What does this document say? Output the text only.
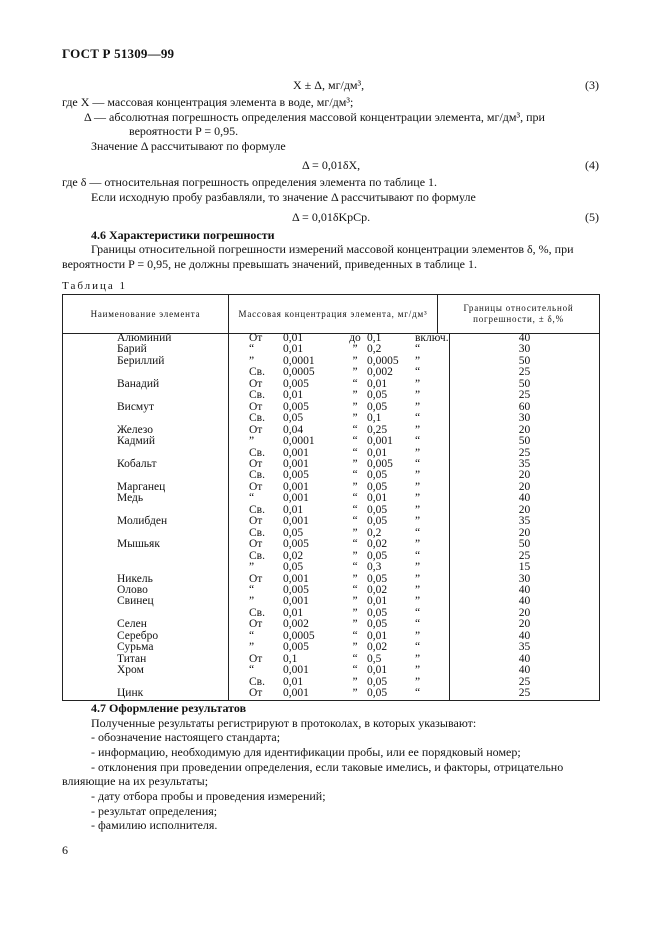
ГОСТ Р 51309—99
X ± Δ, мг/дм³,	(3)
где X — массовая концентрация элемента в воде, мг/дм³;
Δ — абсолютная погрешность определения массовой концентрации элемента, мг/дм³, при
вероятности P = 0,95.
Значение Δ рассчитывают по формуле
Δ = 0,01δX,	(4)
где δ — относительная погрешность определения элемента по таблице 1.
Если исходную пробу разбавляли, то значение Δ рассчитывают по формуле
Δ = 0,01δKрCр.	(5)
4.6 Характеристики погрешности
Границы относительной погрешности измерений массовой концентрации элементов δ, %, при вероятности P = 0,95, не должны превышать значений, приведенных в таблице 1.
Таблица 1
Наименование элемента	Массовая концентрация элемента, мг/дм³	Границы относительной погрешности, ± δ,%
Алюминий	От	0,01	до	0,1	включ.	40
Барий	“	0,01	”	0,2	“	30
Бериллий	”	0,0001	”	0,0005	”	50
	Св.	0,0005	”	0,002	“	25
Ванадий	От	0,005	“	0,01	”	50
	Св.	0,01	”	0,05	”	25
Висмут	От	0,005	”	0,05	”	60
	Св.	0,05	”	0,1	“	30
Железо	От	0,04	“	0,25	”	20
Кадмий	”	0,0001	“	0,001	“	50
	Св.	0,001	“	0,01	”	25
Кобальт	От	0,001	”	0,005	“	35
	Св.	0,005	“	0,05	”	20
Марганец	От	0,001	”	0,05	”	20
Медь	“	0,001	“	0,01	”	40
	Св.	0,01	“	0,05	”	20
Молибден	От	0,001	“	0,05	”	35
	Св.	0,05	”	0,2	“	20
Мышьяк	От	0,005	“	0,02	”	50
	Св.	0,02	”	0,05	“	25
	”	0,05	“	0,3	”	15
Никель	От	0,001	”	0,05	”	30
Олово	“	0,005	“	0,02	”	40
Свинец	”	0,001	”	0,01	”	40
	Св.	0,01	”	0,05	“	20
Селен	От	0,002	”	0,05	“	20
Серебро	“	0,0005	“	0,01	”	40
Сурьма	”	0,005	”	0,02	“	35
Титан	От	0,1	“	0,5	”	40
Хром	“	0,001	“	0,01	”	40
	Св.	0,01	”	0,05	”	25
Цинк	От	0,001	”	0,05	“	25
4.7 Оформление результатов
Полученные результаты регистрируют в протоколах, в которых указывают:
- обозначение настоящего стандарта;
- информацию, необходимую для идентификации пробы, или ее порядковый номер;
- отклонения при проведении определения, если таковые имелись, и факторы, отрицательно
влияющие на их результаты;
- дату отбора пробы и проведения измерений;
- результат определения;
- фамилию исполнителя.
6
